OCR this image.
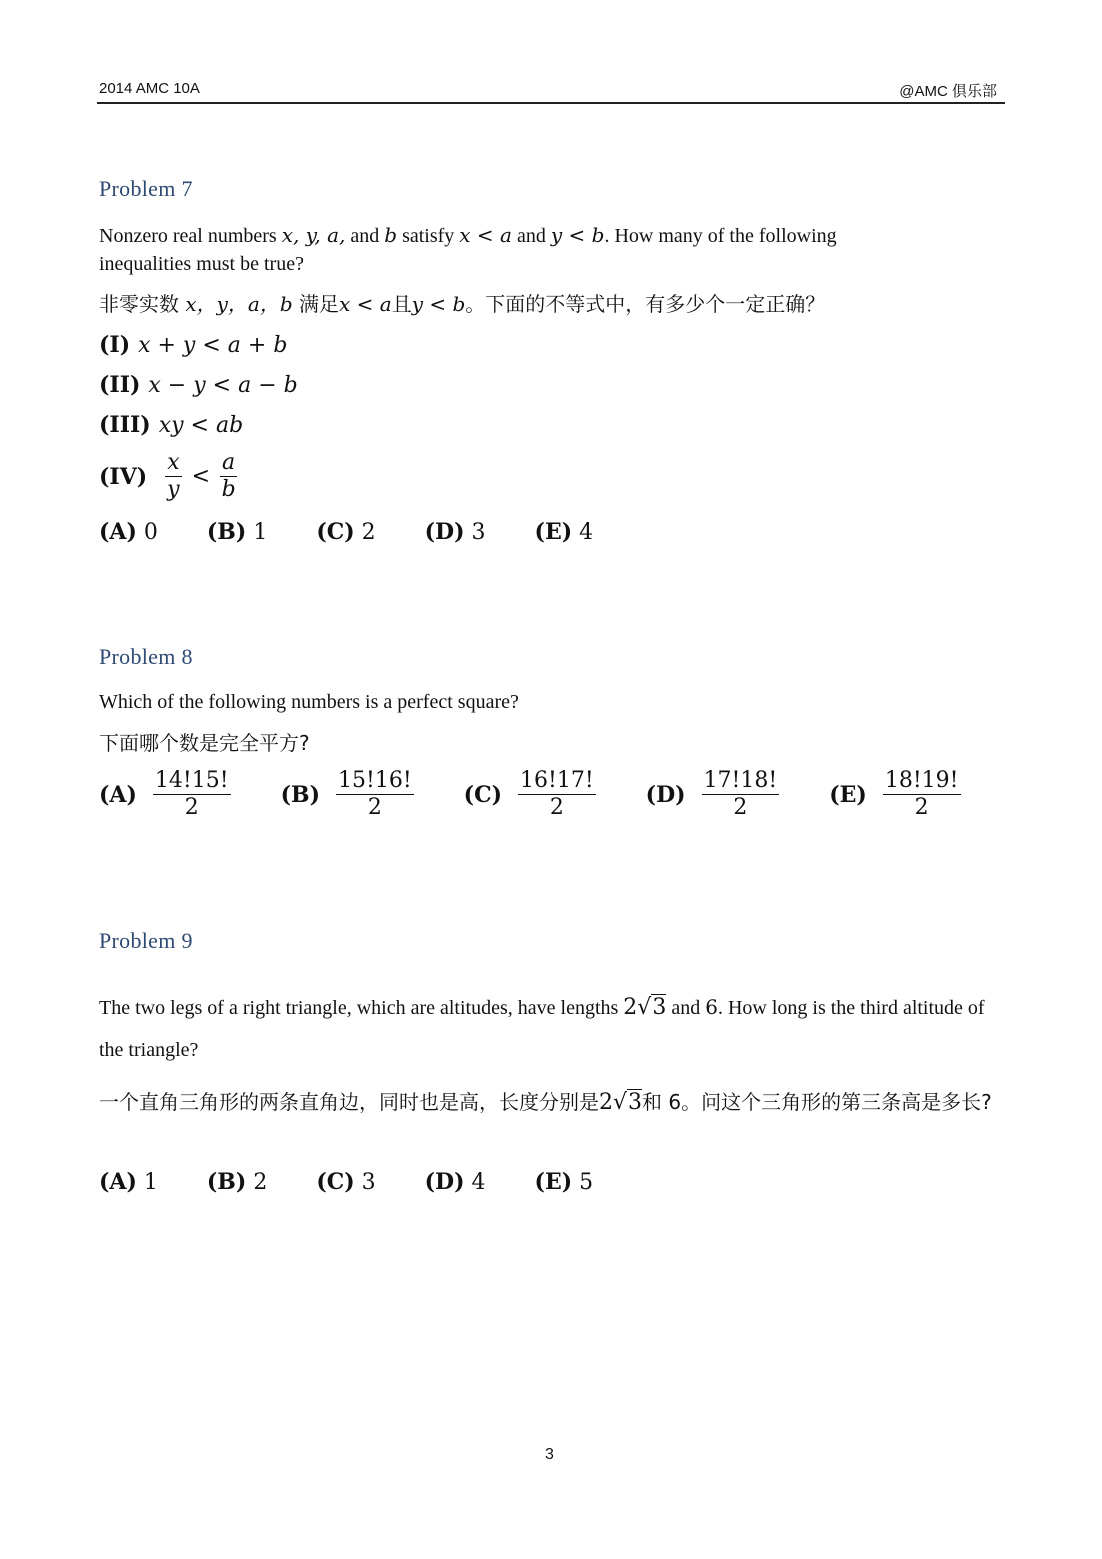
2014 AMC 10A	@AMC 俱乐部
Problem 7
Nonzero real numbers x, y, a, and b satisfy x < a and y < b. How many of the following inequalities must be true?
非零实数 x，y，a，b 满足x < a且y < b。下面的不等式中，有多少个一定正确？
(I) x + y < a + b
(II) x − y < a − b
(III) xy < ab
$(IV) \frac{x}{y} < \frac{a}{b}$
(A) 0 (B) 1 (C) 2 (D) 3 (E) 4
Problem 8
Which of the following numbers is a perfect square?
下面哪个数是完全平方?
$(A) \frac{14!15!}{2} (B) \frac{15!16!}{2} (C) \frac{16!17!}{2} (D) \frac{17!18!}{2} (E) \frac{18!19!}{2}$
Problem 9
The two legs of a right triangle, which are altitudes, have lengths 2√3 and 6. How long is the third altitude of the triangle?
一个直角三角形的两条直角边，同时也是高，长度分别是2√3和 6。问这个三角形的第三条高是多长?
(A) 1 (B) 2 (C) 3 (D) 4 (E) 5
3
